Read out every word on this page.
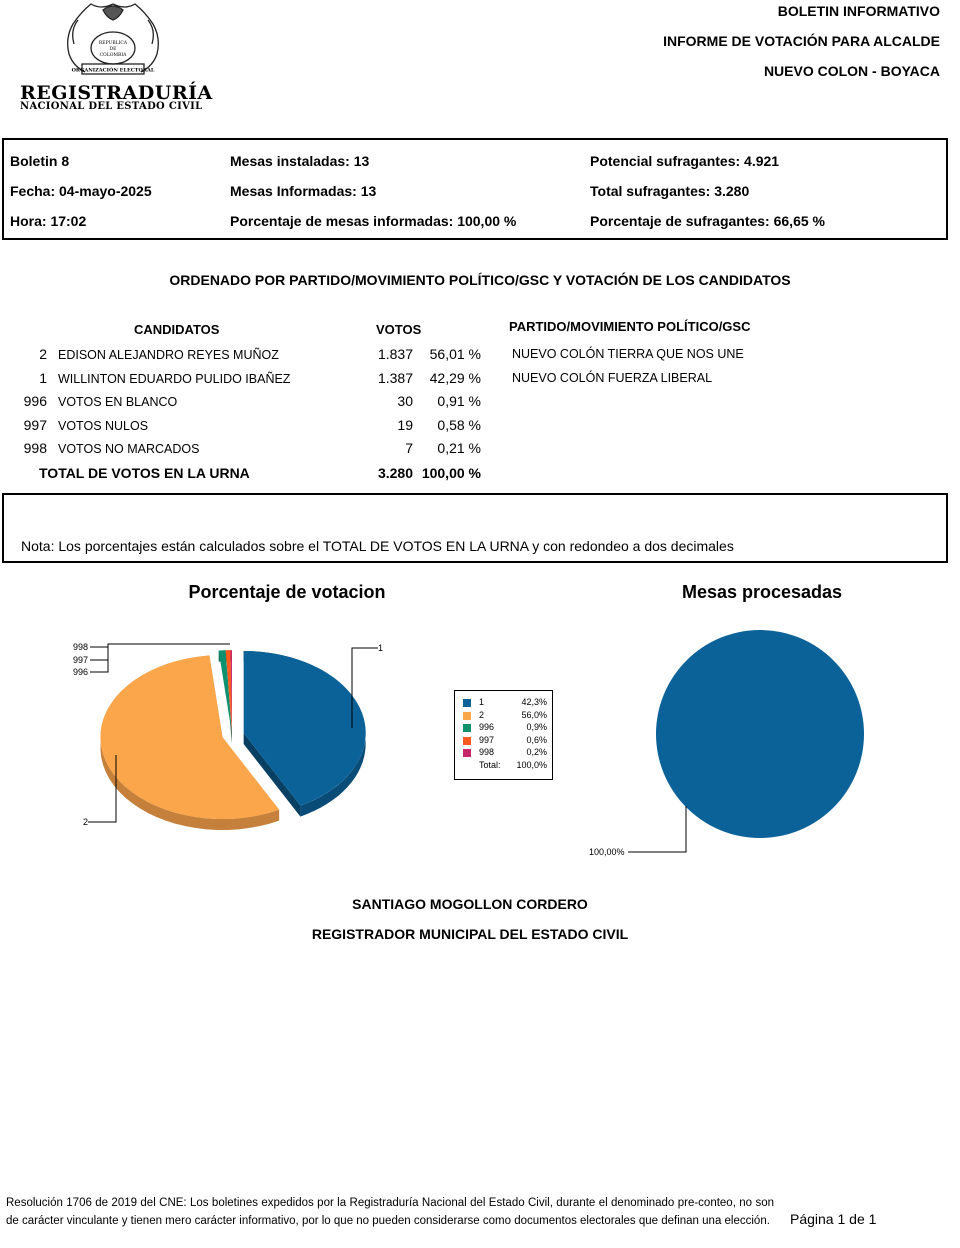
REPUBLICA
DE
COLOMBIA
ORGANIZACIÓN ELECTORAL
REGISTRADURÍA
NACIONAL DEL ESTADO CIVIL
BOLETIN INFORMATIVO
INFORME DE VOTACIÓN PARA ALCALDE
NUEVO COLON - BOYACA
Boletin 8
Fecha: 04-mayo-2025
Hora: 17:02
Mesas instaladas: 13
Mesas Informadas: 13
Porcentaje de mesas informadas: 100,00 %
Potencial sufragantes: 4.921
Total sufragantes: 3.280
Porcentaje de sufragantes: 66,65 %
ORDENADO POR PARTIDO/MOVIMIENTO POLÍTICO/GSC Y VOTACIÓN DE LOS CANDIDATOS
CANDIDATOS	VOTOS	PARTIDO/MOVIMIENTO POLÍTICO/GSC
2 EDISON ALEJANDRO REYES MUÑOZ	1.837 56,01 % NUEVO COLÓN TIERRA QUE NOS UNE
1 WILLINTON EDUARDO PULIDO IBAÑEZ	1.387 42,29 % NUEVO COLÓN FUERZA LIBERAL
996 VOTOS EN BLANCO	30 0,91 %
997 VOTOS NULOS	19 0,58 %
998 VOTOS NO MARCADOS	7 0,21 %
TOTAL DE VOTOS EN LA URNA	3.280 100,00 %
Nota: Los porcentajes están calculados sobre el TOTAL DE VOTOS EN LA URNA y con redondeo a dos decimales
Porcentaje de votacion
1
2
998
997
996
1	42,3%
2	56,0%
996	0,9%
997	0,6%
998	0,2%
Total: 100,0%
Mesas procesadas
100,00%
SANTIAGO MOGOLLON CORDERO
REGISTRADOR MUNICIPAL DEL ESTADO CIVIL
Resolución 1706 de 2019 del CNE: Los boletines expedidos por la Registraduría Nacional del Estado Civil, durante el denominado pre-conteo, no son de carácter vinculante y tienen mero carácter informativo, por lo que no pueden considerarse como documentos electorales que definan una elección. Página 1 de 1
